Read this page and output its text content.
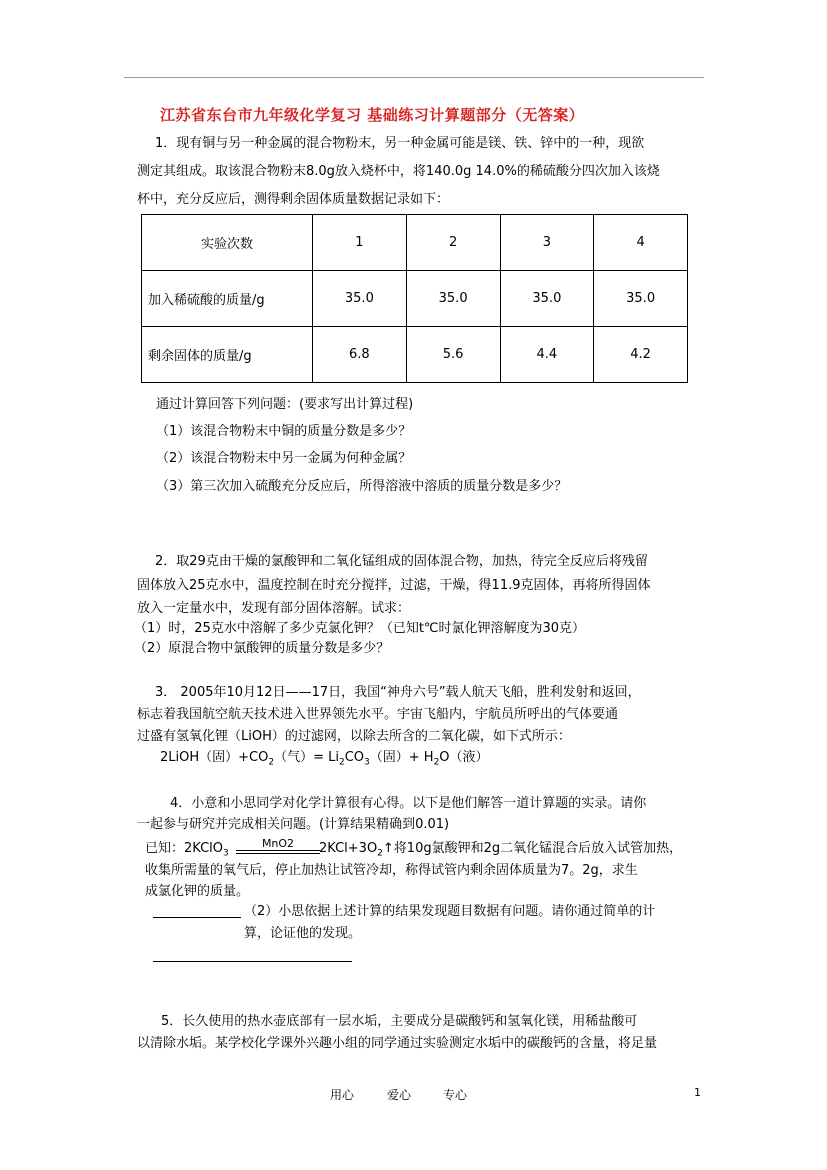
江苏省东台市九年级化学复习 基础练习计算题部分（无答案）
1．现有铜与另一种金属的混合物粉末，另一种金属可能是镁、铁、锌中的一种，现欲
测定其组成。取该混合物粉末8.0g放入烧杯中，将140.0g 14.0%的稀硫酸分四次加入该烧
杯中，充分反应后，测得剩余固体质量数据记录如下：
实验次数	1	2	3	4
加入稀硫酸的质量/g	35.0	35.0	35.0	35.0
剩余固体的质量/g	6.8	5.6	4.4	4.2
通过计算回答下列问题：(要求写出计算过程)
（1）该混合物粉末中铜的质量分数是多少？
（2）该混合物粉末中另一金属为何种金属？
（3）第三次加入硫酸充分反应后，所得溶液中溶质的质量分数是多少？
2．取29克由干燥的氯酸钾和二氧化锰组成的固体混合物，加热，待完全反应后将残留
固体放入25克水中，温度控制在时充分搅拌，过滤，干燥，得11.9克固体，再将所得固体
放入一定量水中，发现有部分固体溶解。试求：
（1）时，25克水中溶解了多少克氯化钾？（已知t℃时氯化钾溶解度为30克）
（2）原混合物中氯酸钾的质量分数是多少？
3． 2005年10月12日——17日，我国“神舟六号”载人航天飞船，胜利发射和返回，
标志着我国航空航天技术进入世界领先水平。宇宙飞船内，宇航员所呼出的气体要通
过盛有氢氧化锂（LiOH）的过滤网，以除去所含的二氧化碳，如下式所示：
2LiOH（固）$+CO_2$（气）= $Li_2CO_3$（固）+ $H_2O$（液）
4．小意和小思同学对化学计算很有心得。以下是他们解答一道计算题的实录。请你
一起参与研究并完成相关问题。(计算结果精确到0.01)
已知：2KClO$_3$
MnO2	$2KCl+3O_2↑$将10g氯酸钾和2g二氧化锰混合后放入试管加热，
收集所需量的氧气后，停止加热让试管冷却，称得试管内剩余固体质量为7。2g，求生
成氯化钾的质量。
（2）小思依据上述计算的结果发现题目数据有问题。请你通过简单的计
算，论证他的发现。
5．长久使用的热水壶底部有一层水垢，主要成分是碳酸钙和氢氧化镁，用稀盐酸可
以清除水垢。某学校化学课外兴趣小组的同学通过实验测定水垢中的碳酸钙的含量，将足量
用心	爱心	专心	1
